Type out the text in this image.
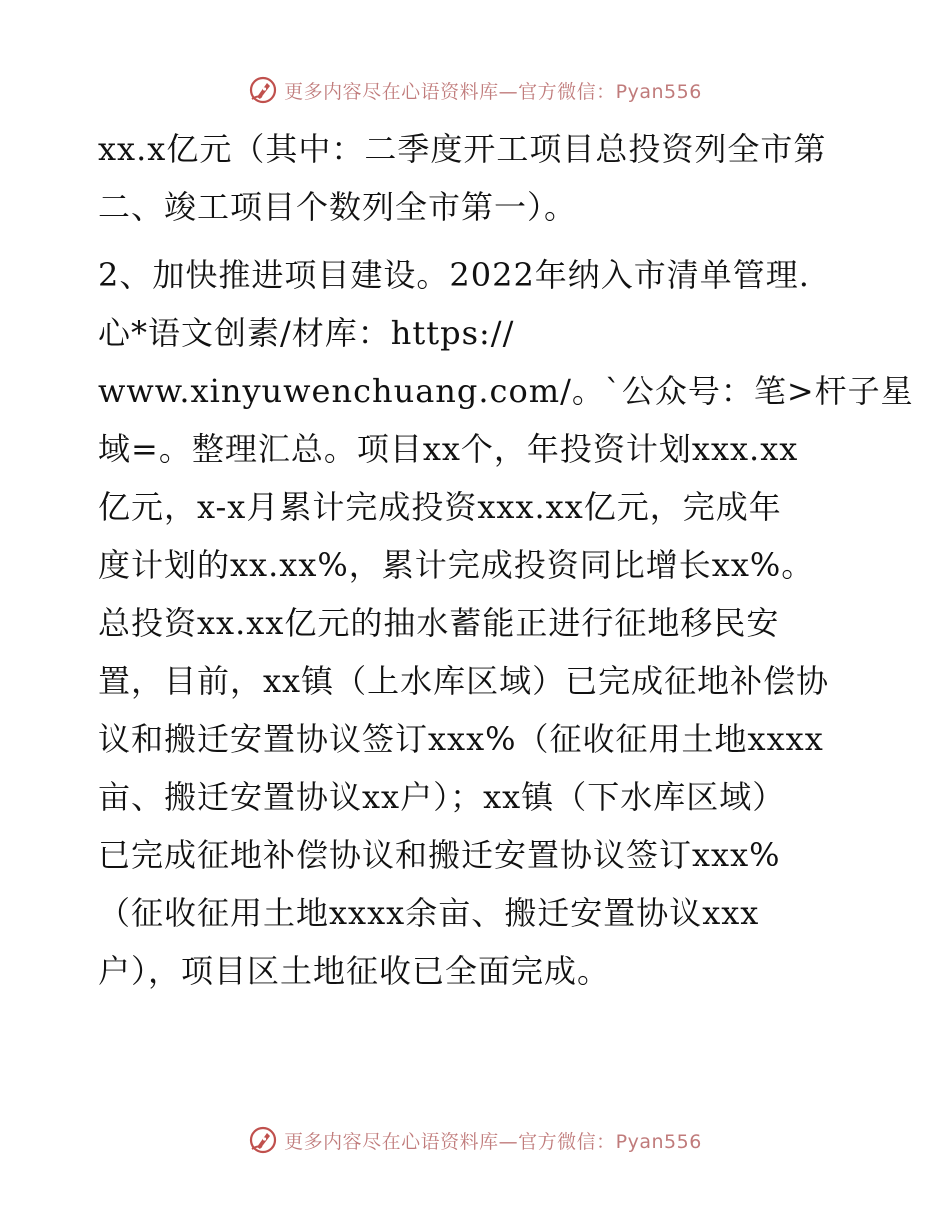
更多内容尽在心语资料库—官方微信：Pyan556
xx.x亿元（其中：二季度开工项目总投资列全市第
二、竣工项目个数列全市第一）。
2、加快推进项目建设。2022年纳入市清单管理.
心*语文创素/材库：https://
www.xinyuwenchuang.com/。`公众号：笔>杆子星
域=。整理汇总。项目xx个，年投资计划xxx.xx
亿元，x-x月累计完成投资xxx.xx亿元，完成年
度计划的xx.xx%，累计完成投资同比增长xx%。
总投资xx.xx亿元的抽水蓄能正进行征地移民安
置，目前，xx镇（上水库区域）已完成征地补偿协
议和搬迁安置协议签订xxx%（征收征用土地xxxx
亩、搬迁安置协议xx户）；xx镇（下水库区域）
已完成征地补偿协议和搬迁安置协议签订xxx%
（征收征用土地xxxx余亩、搬迁安置协议xxx
户），项目区土地征收已全面完成。
更多内容尽在心语资料库—官方微信：Pyan556
